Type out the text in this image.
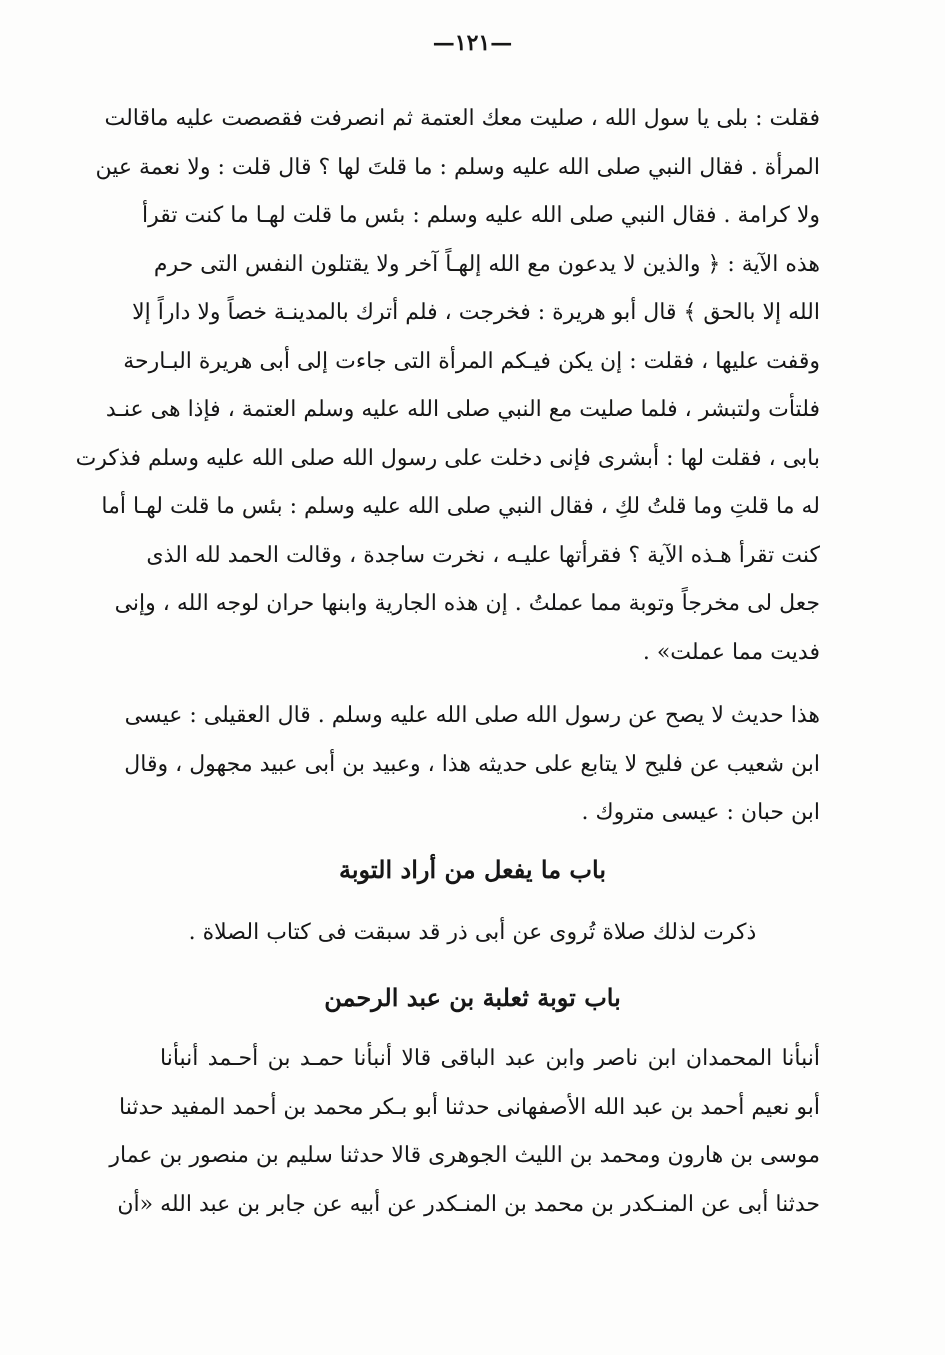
—١٢١—
فقلت : بلى يا سول الله ، صليت معك العتمة ثم انصرفت فقصصت عليه ماقالت
المرأة . فقال النبي صلى الله عليه وسلم : ما قلتَ لها ؟ قال قلت : ولا نعمة عين
ولا كرامة . فقال النبي صلى الله عليه وسلم : بئس ما قلت لهـا ما كنت تقرأ
هذه الآية : ﴿ والذين لا يدعون مع الله إلهـاً آخر ولا يقتلون النفس التى حرم
الله إلا بالحق ﴾ قال أبو هريرة : فخرجت ، فلم أترك بالمدينـة خصاً ولا داراً إلا
وقفت عليها ، فقلت : إن يكن فيـكم المرأة التى جاءت إلى أبى هريرة البـارحة
فلتأت ولتبشر ، فلما صليت مع النبي صلى الله عليه وسلم العتمة ، فإذا هى عنـد
بابى ، فقلت لها : أبشرى فإنى دخلت على رسول الله صلى الله عليه وسلم فذكرت
له ما قلتِ وما قلتُ لكِ ، فقال النبي صلى الله عليه وسلم : بئس ما قلت لهـا أما
كنت تقرأ هـذه الآية ؟ فقرأتها عليـه ، نخرت ساجدة ، وقالت الحمد لله الذى
جعل لى مخرجاً وتوبة مما عملتُ . إن هذه الجارية وابنها حران لوجه الله ، وإنى
فديت مما عملت» .
هذا حديث لا يصح عن رسول الله صلى الله عليه وسلم . قال العقيلى : عيسى
ابن شعيب عن فليح لا يتابع على حديثه هذا ، وعبيد بن أبى عبيد مجهول ، وقال
ابن حبان : عيسى متروك .
باب ما يفعل من أراد التوبة
ذكرت لذلك صلاة تُروى عن أبى ذر قد سبقت فى كتاب الصلاة .
باب توبة ثعلبة بن عبد الرحمن
أنبأنا المحمدان ابن ناصر وابن عبد الباقى قالا أنبأنا حمـد بن أحـمد أنبأنا
أبو نعيم أحمد بن عبد الله الأصفهانى حدثنا أبو بـكر محمد بن أحمد المفيد حدثنا
موسى بن هارون ومحمد بن الليث الجوهرى قالا حدثنا سليم بن منصور بن عمار
حدثنا أبى عن المنـكدر بن محمد بن المنـكدر عن أبيه عن جابر بن عبد الله «أن
